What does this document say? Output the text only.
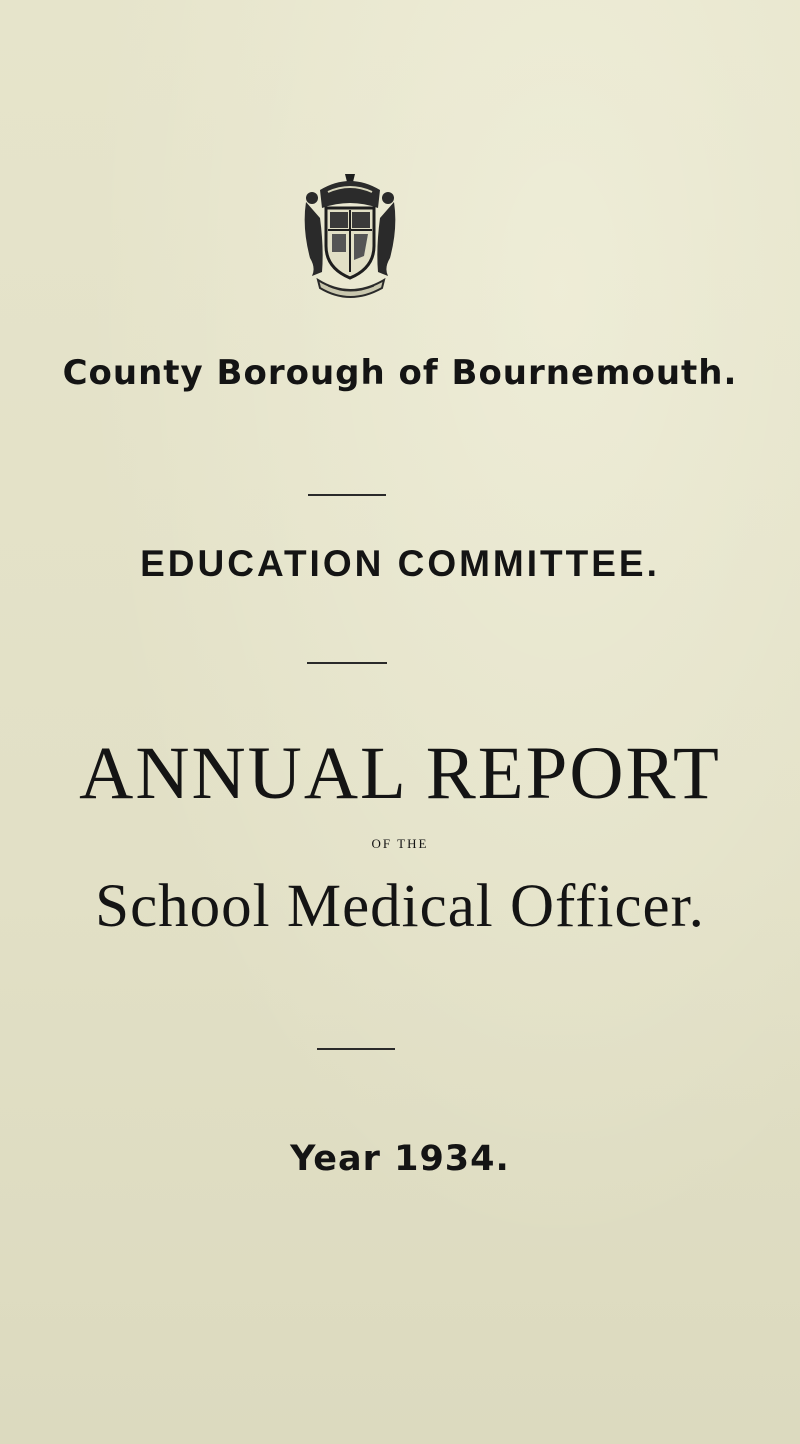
County Borough of Bournemouth.
EDUCATION COMMITTEE.
ANNUAL REPORT
OF THE
School Medical Officer.
Year 1934.
